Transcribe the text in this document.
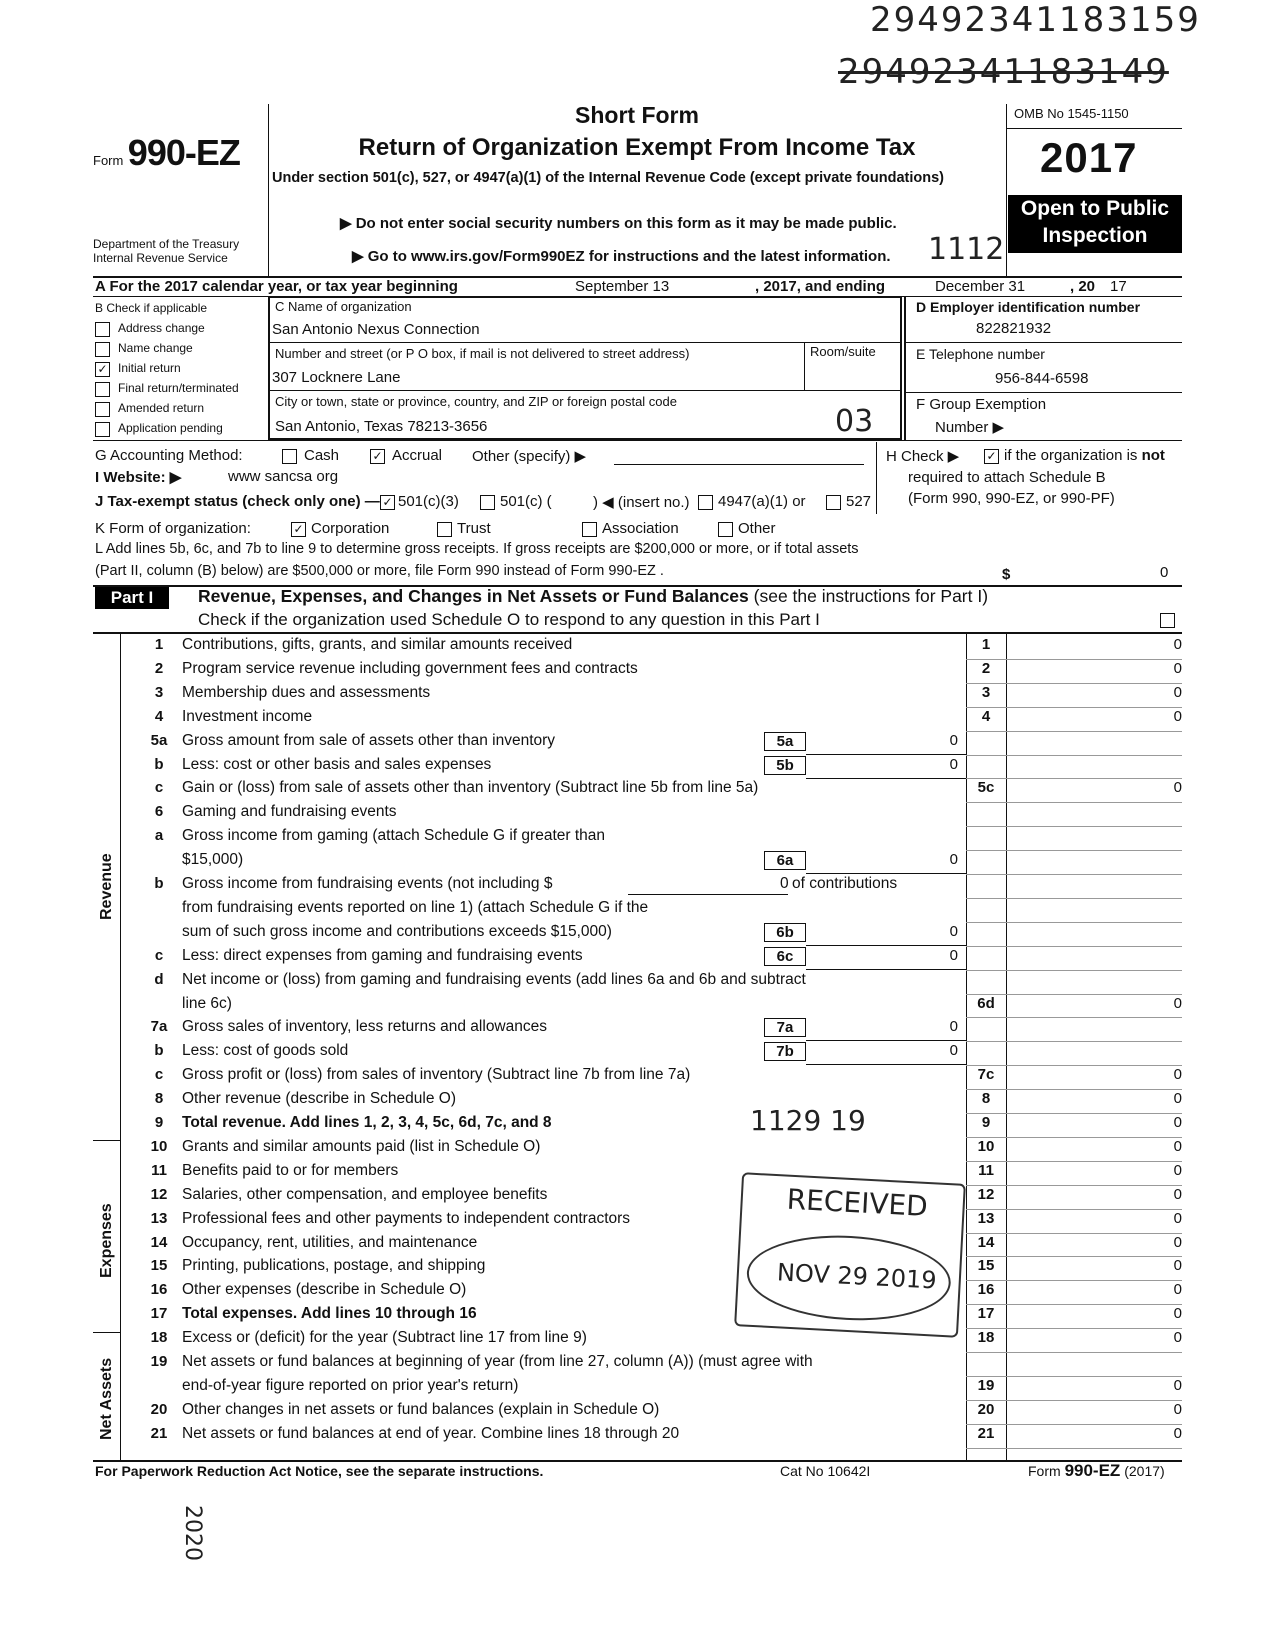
29492341183159
29492341183149
Form 990-EZ
Department of the Treasury
Internal Revenue Service
Short Form
Return of Organization Exempt From Income Tax
Under section 501(c), 527, or 4947(a)(1) of the Internal Revenue Code (except private foundations)
▶ Do not enter social security numbers on this form as it may be made public.
▶ Go to www.irs.gov/Form990EZ for instructions and the latest information. 1112
OMB No 1545-1150
2017
Open to Public
Inspection
A For the 2017 calendar year, or tax year beginning	September 13	, 2017, and ending	December 31	, 20 17
B Check if applicable
Address change
Name change
✓ Initial return
Final return/terminated
Amended return
Application pending
C Name of organization
San Antonio Nexus Connection
Number and street (or P O box, if mail is not delivered to street address)	Room/suite
307 Locknere Lane
City or town, state or province, country, and ZIP or foreign postal code
San Antonio, Texas 78213-3656	03
D Employer identification number
822821932
E Telephone number
956-844-6598
F Group Exemption
Number ▶
G Accounting Method:	Cash	✓ Accrual Other (specify) ▶	H Check ▶ ✓ if the organization is not
required to attach Schedule B
(Form 990, 990-EZ, or 990-PF)
I Website: ▶	www sancsa org
J Tax-exempt status (check only one) — ✓ 501(c)(3)	501(c) (	) ◀ (insert no.) 4947(a)(1) or	527
K Form of organization:	✓ Corporation	Trust	Association	Other
L Add lines 5b, 6c, and 7b to line 9 to determine gross receipts. If gross receipts are $200,000 or more, or if total assets
(Part II, column (B) below) are $500,000 or more, file Form 990 instead of Form 990-EZ .	$	0
Part I	Revenue, Expenses, and Changes in Net Assets or Fund Balances (see the instructions for Part I)
Check if the organization used Schedule O to respond to any question in this Part I
Revenue
Expenses
Net Assets
1	Contributions, gifts, grants, and similar amounts received	1	0
2	Program service revenue including government fees and contracts	2	0
3	Membership dues and assessments	3	0
4	Investment income	4	0
5a Gross amount from sale of assets other than inventory	5a	0
b	Less: cost or other basis and sales expenses	5b	0
c	Gain or (loss) from sale of assets other than inventory (Subtract line 5b from line 5a)	5c	0
6	Gaming and fundraising events
a	Gross income from gaming (attach Schedule G if greater than
$15,000)	6a	0
b	Gross income from fundraising events (not including $	0 of contributions
from fundraising events reported on line 1) (attach Schedule G if the
sum of such gross income and contributions exceeds $15,000)	6b	0
c	Less: direct expenses from gaming and fundraising events	6c	0
d	Net income or (loss) from gaming and fundraising events (add lines 6a and 6b and subtract
line 6c)	6d	0
7a Gross sales of inventory, less returns and allowances	7a	0
b	Less: cost of goods sold	7b	0
c	Gross profit or (loss) from sales of inventory (Subtract line 7b from line 7a)	7c	0
8	Other revenue (describe in Schedule O)	8	0
9	Total revenue. Add lines 1, 2, 3, 4, 5c, 6d, 7c, and 8	9	0
10 Grants and similar amounts paid (list in Schedule O)	10	0
11 Benefits paid to or for members	11	0
12 Salaries, other compensation, and employee benefits	12	0
13 Professional fees and other payments to independent contractors	13	0
14 Occupancy, rent, utilities, and maintenance	14	0
15 Printing, publications, postage, and shipping	15	0
16 Other expenses (describe in Schedule O)	16	0
17 Total expenses. Add lines 10 through 16	17	0
18 Excess or (deficit) for the year (Subtract line 17 from line 9)	18	0
19 Net assets or fund balances at beginning of year (from line 27, column (A)) (must agree with
end-of-year figure reported on prior year's return)	19	0
20 Other changes in net assets or fund balances (explain in Schedule O)	20	0
21 Net assets or fund balances at end of year. Combine lines 18 through 20	21	0
1129 19
RECEIVED
NOV 29 2019
2020
For Paperwork Reduction Act Notice, see the separate instructions.	Cat No 10642I	Form 990-EZ (2017)
